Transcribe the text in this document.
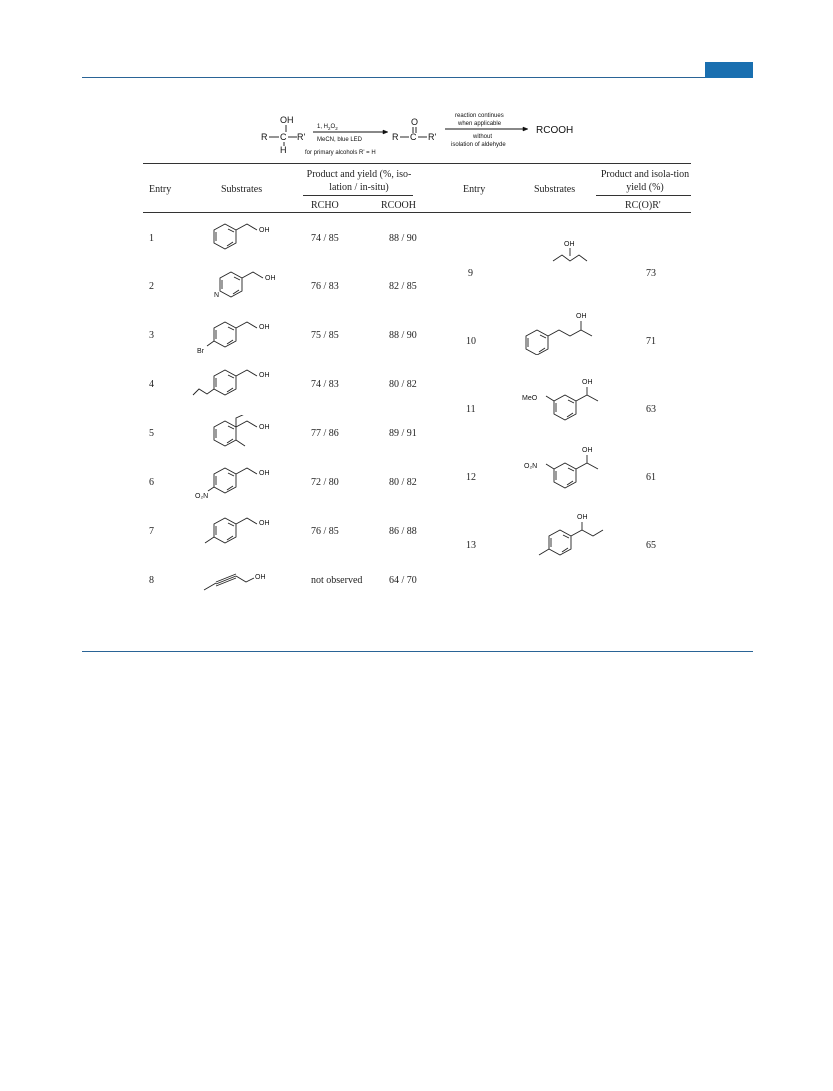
OH
R C R'
H
1, $H_2O_2$
MeCN, blue LED
for primary alcohols R' = H
O
R C R'
reaction continues
when applicable
without
isolation of aldehyde
RCOOH
Entry	Substrates
Product and yield (%, iso-lation / in-situ)
RCHO	RCOOH
Entry	Substrates
Product and isola-tion yield (%)
RC(O)R'
1	74 / 85	88 / 90
2	76 / 83	82 / 85
3	75 / 85	88 / 90
4	74 / 83	80 / 82
5	77 / 86	89 / 91
6	72 / 80	80 / 82
7	76 / 85	86 / 88
8	not observed	64 / 70
9	73
10	71
11	63
12	61
13	65
OH
OH
N
OH
Br
OH
OH
OH
O₂N
OH
OH
OH
OH
OH
MeO
OH
O₂N
OH
